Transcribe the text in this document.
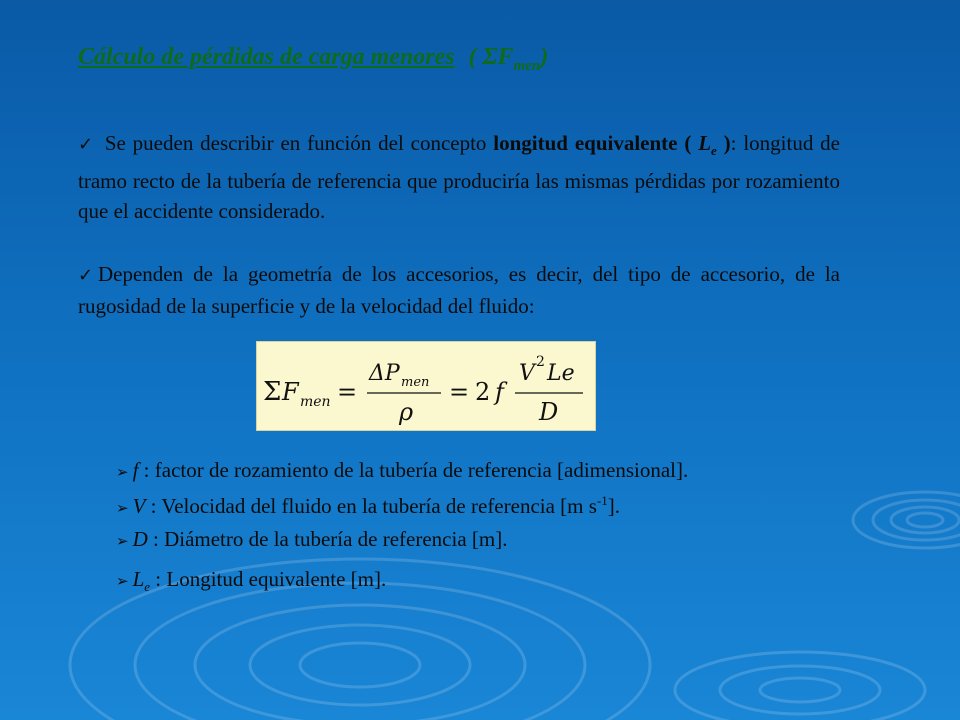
Cálculo de pérdidas de carga menores ( $\Sigma F_{men}$)
✓ Se pueden describir en función del concepto longitud equivalente ( $L_e$ ): longitud de tramo recto de la tubería de referencia que produciría las mismas pérdidas por rozamiento que el accidente considerado.
✓ Dependen de la geometría de los accesorios, es decir, del tipo de accesorio, de la rugosidad de la superficie y de la velocidad del fluido:
Σ F men =
ΔP men
ρ
= 2 f
V 2 Le
D
➢ f : factor de rozamiento de la tubería de referencia [adimensional].
➢ V : Velocidad del fluido en la tubería de referencia [m $s^{-1}$].
➢ D : Diámetro de la tubería de referencia [m].
➢ $L_e$ : Longitud equivalente [m].
